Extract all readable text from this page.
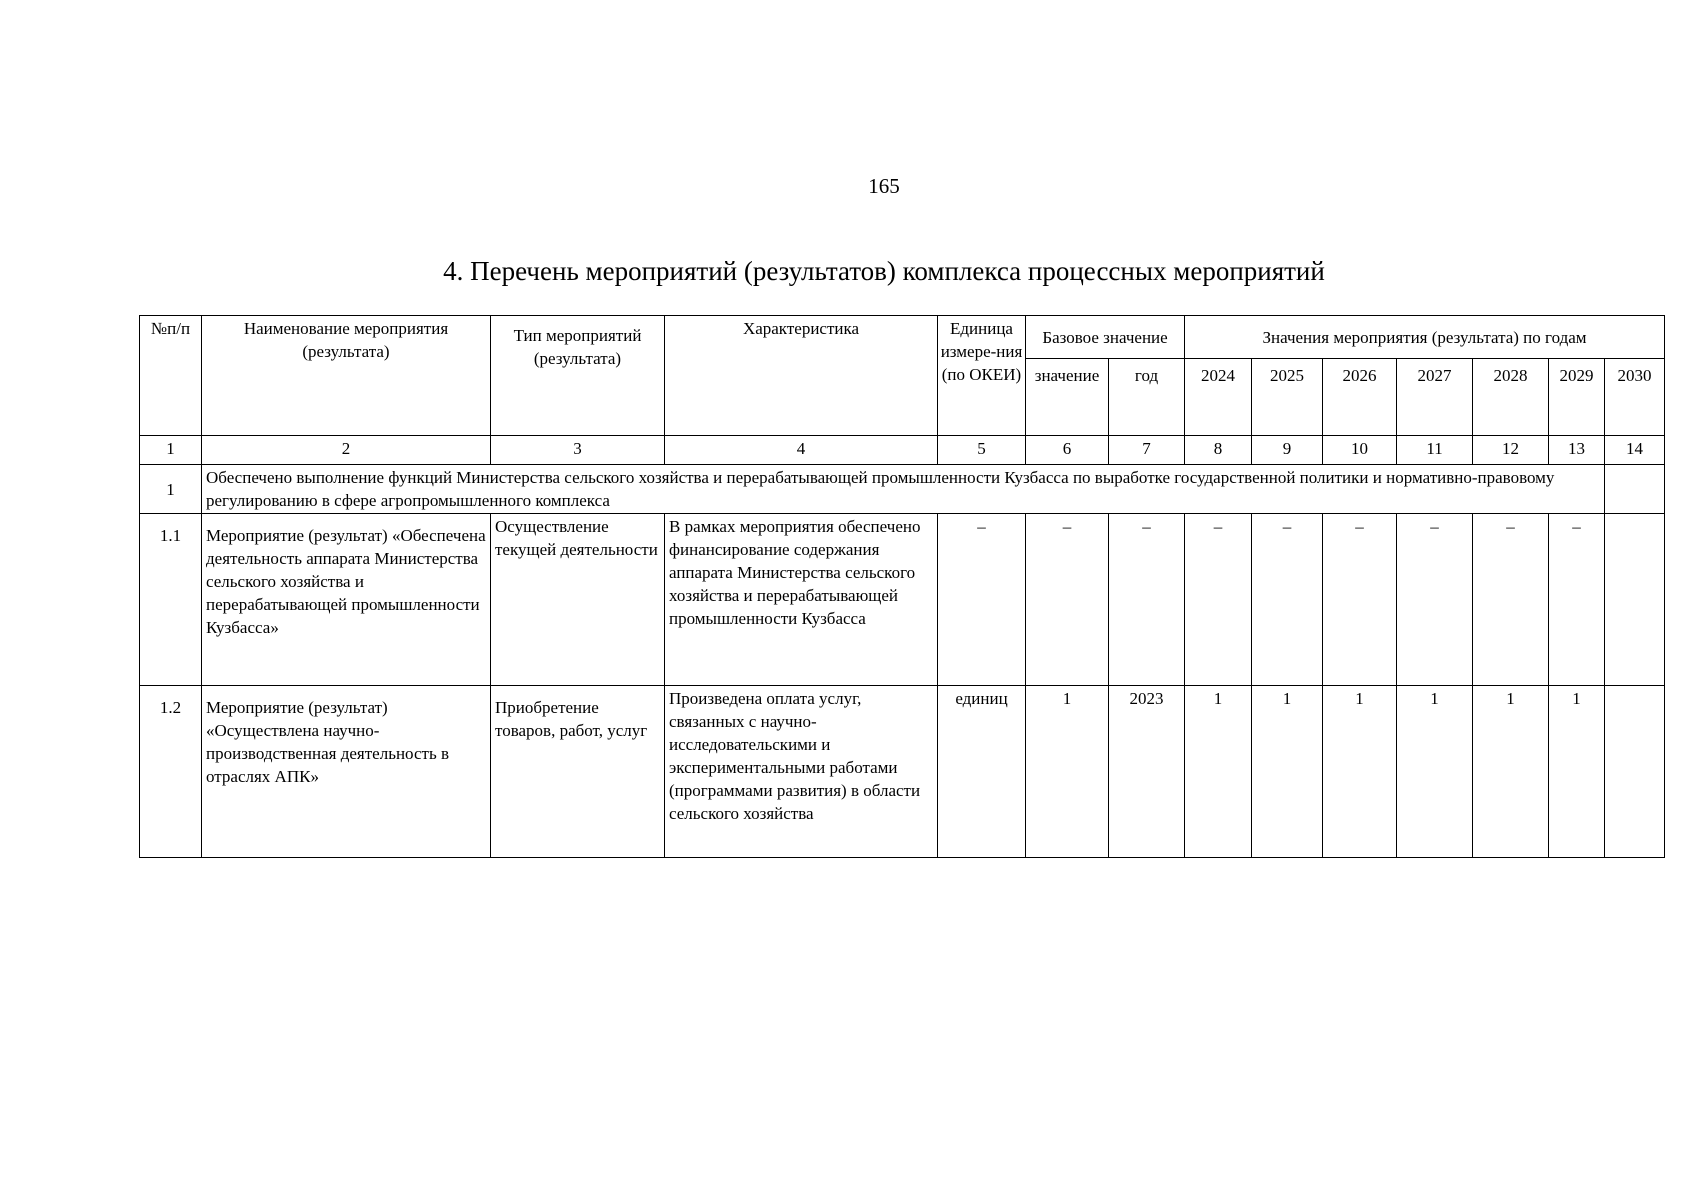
165
4. Перечень мероприятий (результатов) комплекса процессных мероприятий
№п/п	Наименование мероприятия (результата)	Тип мероприятий (результата)	Характеристика	Единица измере-ния (по ОКЕИ)	Базовое значение		Значения мероприятия (результата) по годам						
					значение	год	2024	2025	2026	2027	2028	2029	2030
1	2	3	4	5	6	7	8	9	10	11	12	13	14
1	Обеспечено выполнение функций Министерства сельского хозяйства и перерабатывающей промышленности Кузбасса по выработке государственной политики и нормативно-правовому регулированию в сфере агропромышленного комплекса												
1.1	Мероприятие (результат) «Обеспечена деятельность аппарата Министерства сельского хозяйства и перерабатывающей промышленности Кузбасса»	Осуществление текущей деятельности	В рамках мероприятия обеспечено финансирование содержания аппарата Министерства сельского хозяйства и перерабатывающей промышленности Кузбасса	–	–	–	–	–	–	–	–	–	
1.2	Мероприятие (результат) «Осуществлена научно-производственная деятельность в отраслях АПК»	Приобретение товаров, работ, услуг	Произведена оплата услуг, связанных с научно-исследовательскими и экспериментальными работами (программами развития) в области сельского хозяйства	единиц	1	2023	1	1	1	1	1	1	
